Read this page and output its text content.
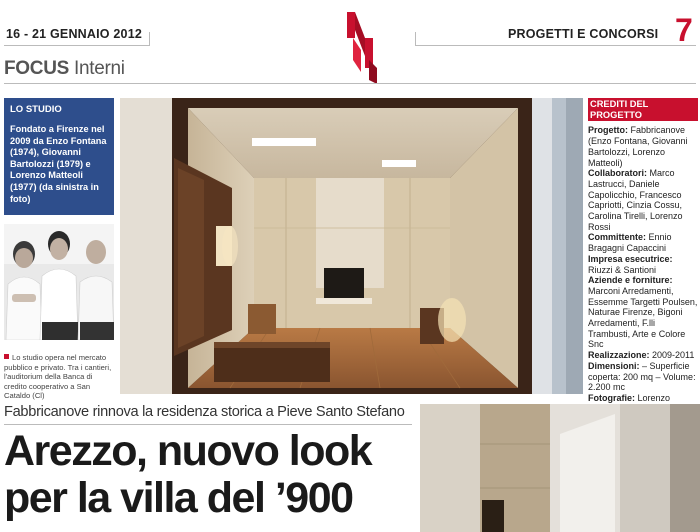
16 - 21 GENNAIO 2012	PROGETTI E CONCORSI 7
FOCUS Interni
LO STUDIO
Fondato a Firenze nel 2009 da Enzo Fontana (1974), Giovanni Bartolozzi (1979) e Lorenzo Matteoli (1977) (da sinistra in foto)
Lo studio opera nel mercato pubblico e privato. Tra i cantieri, l'auditorium della Banca di credito cooperativo a San Cataldo (Cl)
CREDITI DEL PROGETTO
Progetto: Fabbricanove (Enzo Fontana, Giovanni Bartolozzi, Lorenzo Matteoli)
Collaboratori: Marco Lastrucci, Daniele Capolicchio, Francesco Capriotti, Cinzia Cossu, Carolina Tirelli, Lorenzo Rossi
Committente: Ennio Bragagni Capaccini
Impresa esecutrice: Riuzzi & Santioni
Aziende e forniture: Marconi Arredamenti, Essemme Targetti Poulsen, Naturae Firenze, Bigoni Arredamenti, F.lli Trambusti, Arte e Colore Snc
Realizzazione: 2009-2011
Dimensioni: – Superficie coperta: 200 mq – Volume: 2.200 mc
Fotografie: Lorenzo
Fabbricanove rinnova la residenza storica a Pieve Santo Stefano
Arezzo, nuovo look
per la villa del ’900
